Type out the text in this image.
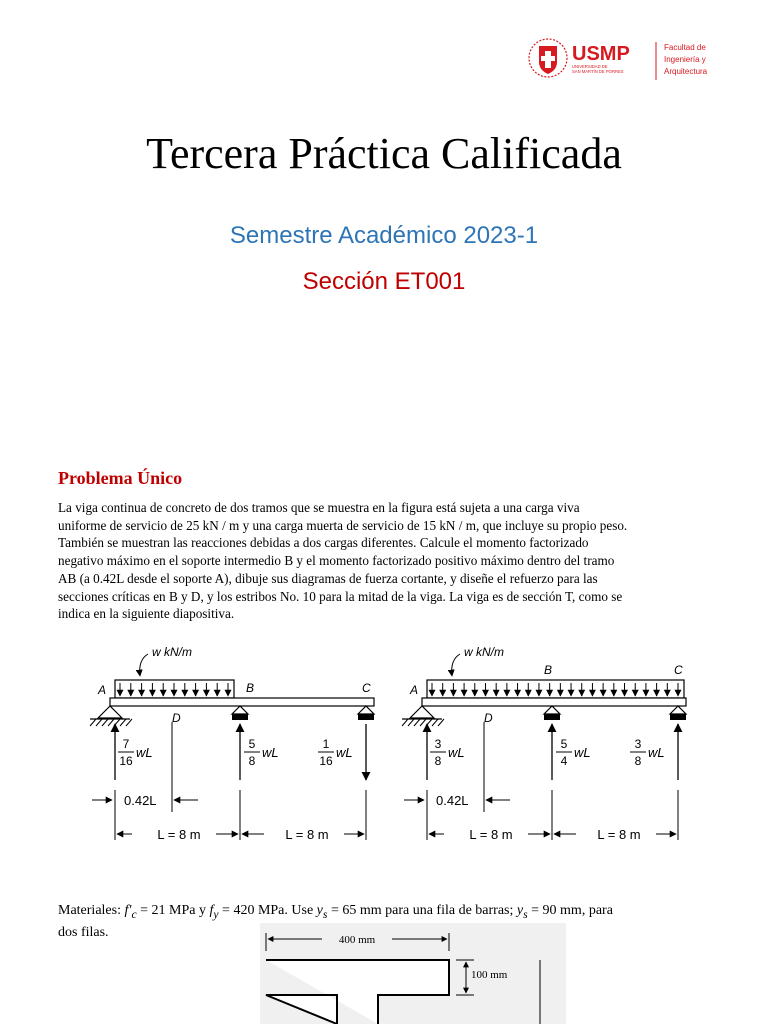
USMP
UNIVERSIDAD DE
SAN MARTÍN DE PORRES
Facultad de
Ingeniería y
Arquitectura
Tercera Práctica Calificada
Semestre Académico 2023-1
Sección ET001
Problema Único
La viga continua de concreto de dos tramos que se muestra en la figura está sujeta a una carga viva
uniforme de servicio de 25 kN / m y una carga muerta de servicio de 15 kN / m, que incluye su propio peso.
También se muestran las reacciones debidas a dos cargas diferentes. Calcule el momento factorizado
negativo máximo en el soporte intermedio B y el momento factorizado positivo máximo dentro del tramo
AB (a 0.42L desde el soporte A), dibuje sus diagramas de fuerza cortante, y diseñe el refuerzo para las
secciones críticas en B y D, y los estribos No. 10 para la mitad de la viga. La viga es de sección T, como se
indica en la siguiente diapositiva.
w kN/m
A	B	C
D
7
16
wL
5
8
wL
1
16
wL
0.42L
L = 8 m	L = 8 m
w kN/m
A
B	C
D
3
8
wL
5
4
wL
3
8
wL
0.42L
L = 8 m	L = 8 m
Materiales: $f'_c = 21$ MPa y $f_y = 420$ MPa. Use $y_s = 65$ mm para una fila de barras; $y_s = 90$ mm, para
dos filas.
400 mm
100 mm
